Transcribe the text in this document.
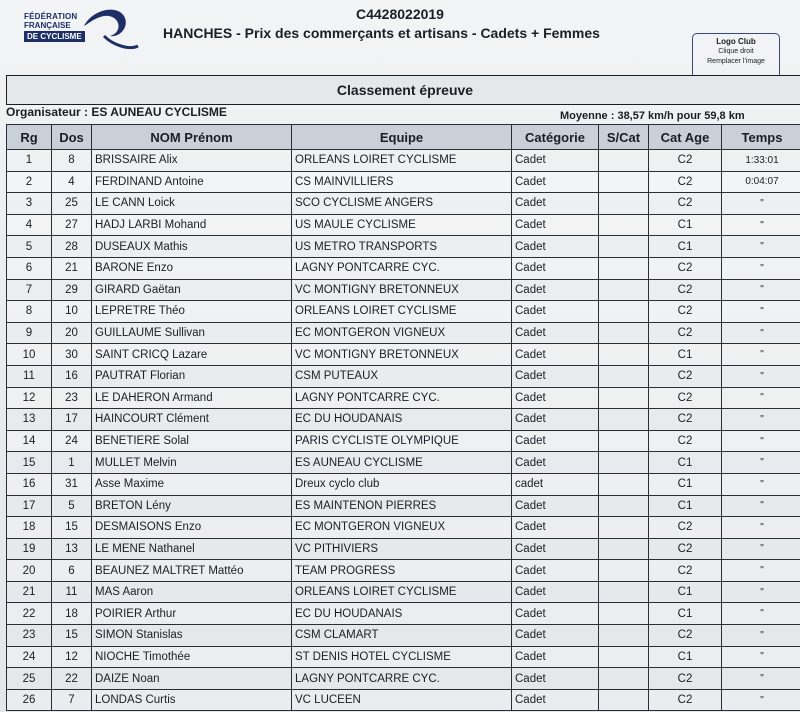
FÉDÉRATION
FRANÇAISE
DE CYCLISME
C4428022019
HANCHES - Prix des commerçants et artisans - Cadets + Femmes
Logo Club
Clique droit
Remplacer l'image
Classement épreuve
Organisateur : ES AUNEAU CYCLISME	Moyenne : 38,57 km/h pour 59,8 km
Rg	Dos	NOM Prénom	Equipe	Catégorie	S/Cat	Cat Age	Temps
1	8	BRISSAIRE Alix	ORLEANS LOIRET CYCLISME	Cadet		C2	1:33:01
2	4	FERDINAND Antoine	CS MAINVILLIERS	Cadet		C2	0:04:07
3	25	LE CANN Loick	SCO CYCLISME ANGERS	Cadet		C2	"
4	27	HADJ LARBI Mohand	US MAULE CYCLISME	Cadet		C1	"
5	28	DUSEAUX Mathis	US METRO TRANSPORTS	Cadet		C1	"
6	21	BARONE Enzo	LAGNY PONTCARRE CYC.	Cadet		C2	"
7	29	GIRARD Gaëtan	VC MONTIGNY BRETONNEUX	Cadet		C2	"
8	10	LEPRETRE Théo	ORLEANS LOIRET CYCLISME	Cadet		C2	"
9	20	GUILLAUME Sullivan	EC MONTGERON VIGNEUX	Cadet		C2	"
10	30	SAINT CRICQ Lazare	VC MONTIGNY BRETONNEUX	Cadet		C1	"
11	16	PAUTRAT Florian	CSM PUTEAUX	Cadet		C2	"
12	23	LE DAHERON Armand	LAGNY PONTCARRE CYC.	Cadet		C2	"
13	17	HAINCOURT Clément	EC DU HOUDANAIS	Cadet		C2	"
14	24	BENETIERE Solal	PARIS CYCLISTE OLYMPIQUE	Cadet		C2	"
15	1	MULLET Melvin	ES AUNEAU CYCLISME	Cadet		C1	"
16	31	Asse Maxime	Dreux cyclo club	cadet		C1	"
17	5	BRETON Lény	ES MAINTENON PIERRES	Cadet		C1	"
18	15	DESMAISONS Enzo	EC MONTGERON VIGNEUX	Cadet		C2	"
19	13	LE MENE Nathanel	VC PITHIVIERS	Cadet		C2	"
20	6	BEAUNEZ MALTRET Mattéo	TEAM PROGRESS	Cadet		C2	"
21	11	MAS Aaron	ORLEANS LOIRET CYCLISME	Cadet		C1	"
22	18	POIRIER Arthur	EC DU HOUDANAIS	Cadet		C1	"
23	15	SIMON Stanislas	CSM CLAMART	Cadet		C2	"
24	12	NIOCHE Timothée	ST DENIS HOTEL CYCLISME	Cadet		C1	"
25	22	DAIZE Noan	LAGNY PONTCARRE CYC.	Cadet		C2	"
26	7	LONDAS Curtis	VC LUCEEN	Cadet		C2	"
